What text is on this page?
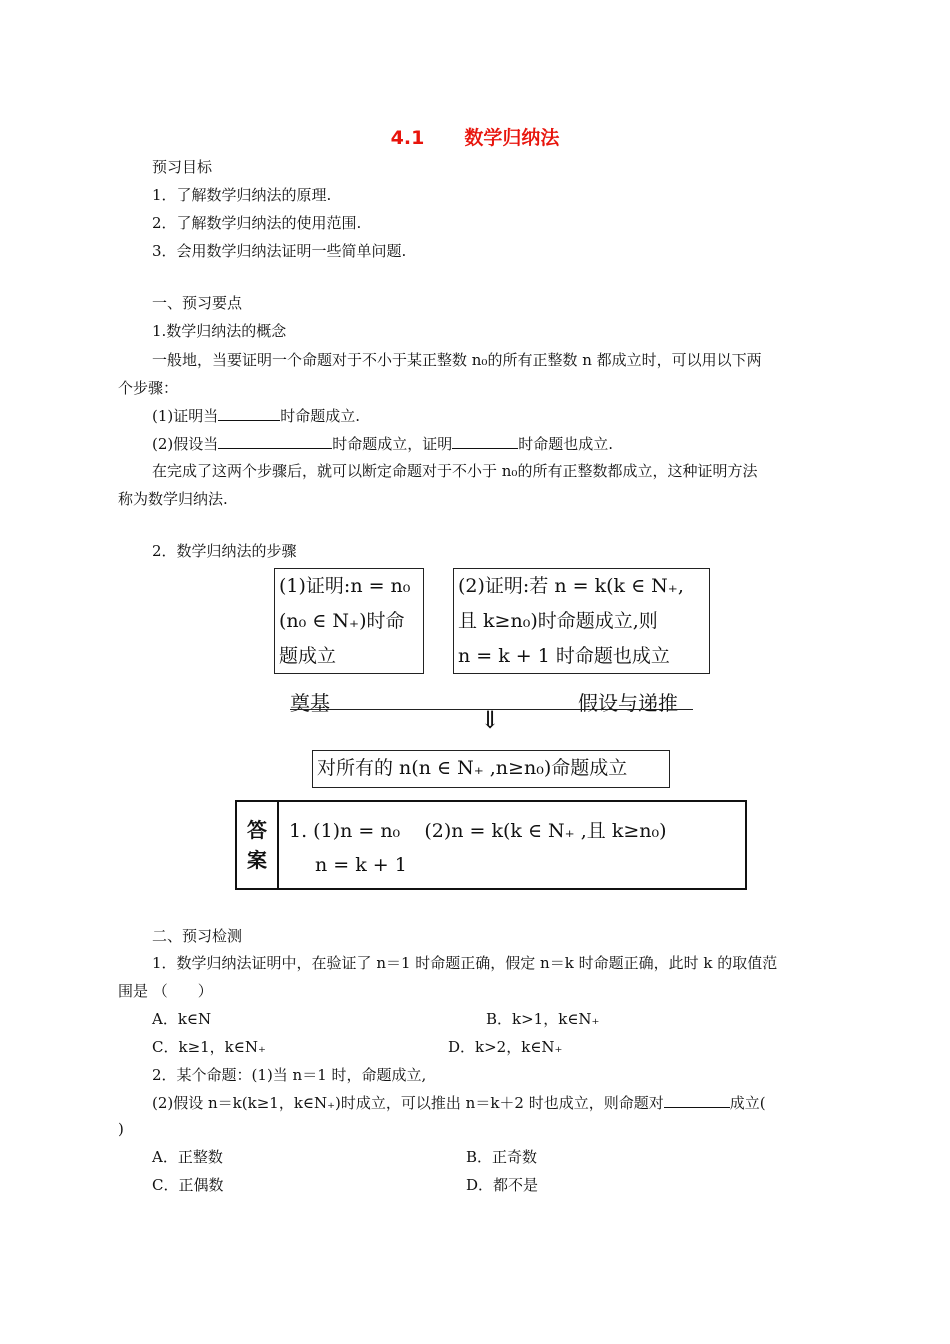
4.1 数学归纳法
预习目标
1．了解数学归纳法的原理.
2．了解数学归纳法的使用范围.
3．会用数学归纳法证明一些简单问题.
一、预习要点
1.数学归纳法的概念
一般地，当要证明一个命题对于不小于某正整数 n₀的所有正整数 n 都成立时，可以用以下两
个步骤：
(1)证明当	时命题成立.
(2)假设当	时命题成立，证明	时命题也成立.
在完成了这两个步骤后，就可以断定命题对于不小于 n₀的所有正整数都成立，这种证明方法
称为数学归纳法.
2．数学归纳法的步骤
(1)证明:n = n₀
(n₀ ∈ N₊)时命
题成立
(2)证明:若 n = k(k ∈ N₊,
且 k≥n₀)时命题成立,则
n = k + 1 时命题也成立
奠基	假设与递推
⇓
对所有的 n(n ∈ N₊ ,n≥n₀)命题成立
答
案
1. (1)n = n₀    (2)n = k(k ∈ N₊ ,且 k≥n₀)
n = k + 1
二、预习检测
1．数学归纳法证明中，在验证了 n＝1 时命题正确，假定 n＝k 时命题正确，此时 k 的取值范
围是 （　　）
A．k∈N	B．k>1，k∈N₊
C．k≥1，k∈N₊	D．k>2，k∈N₊
2．某个命题：(1)当 n＝1 时，命题成立,
(2)假设 n＝k(k≥1，k∈N₊)时成立，可以推出 n＝k＋2 时也成立，则命题对	成立(
)
A．正整数	B．正奇数
C．正偶数	D．都不是
